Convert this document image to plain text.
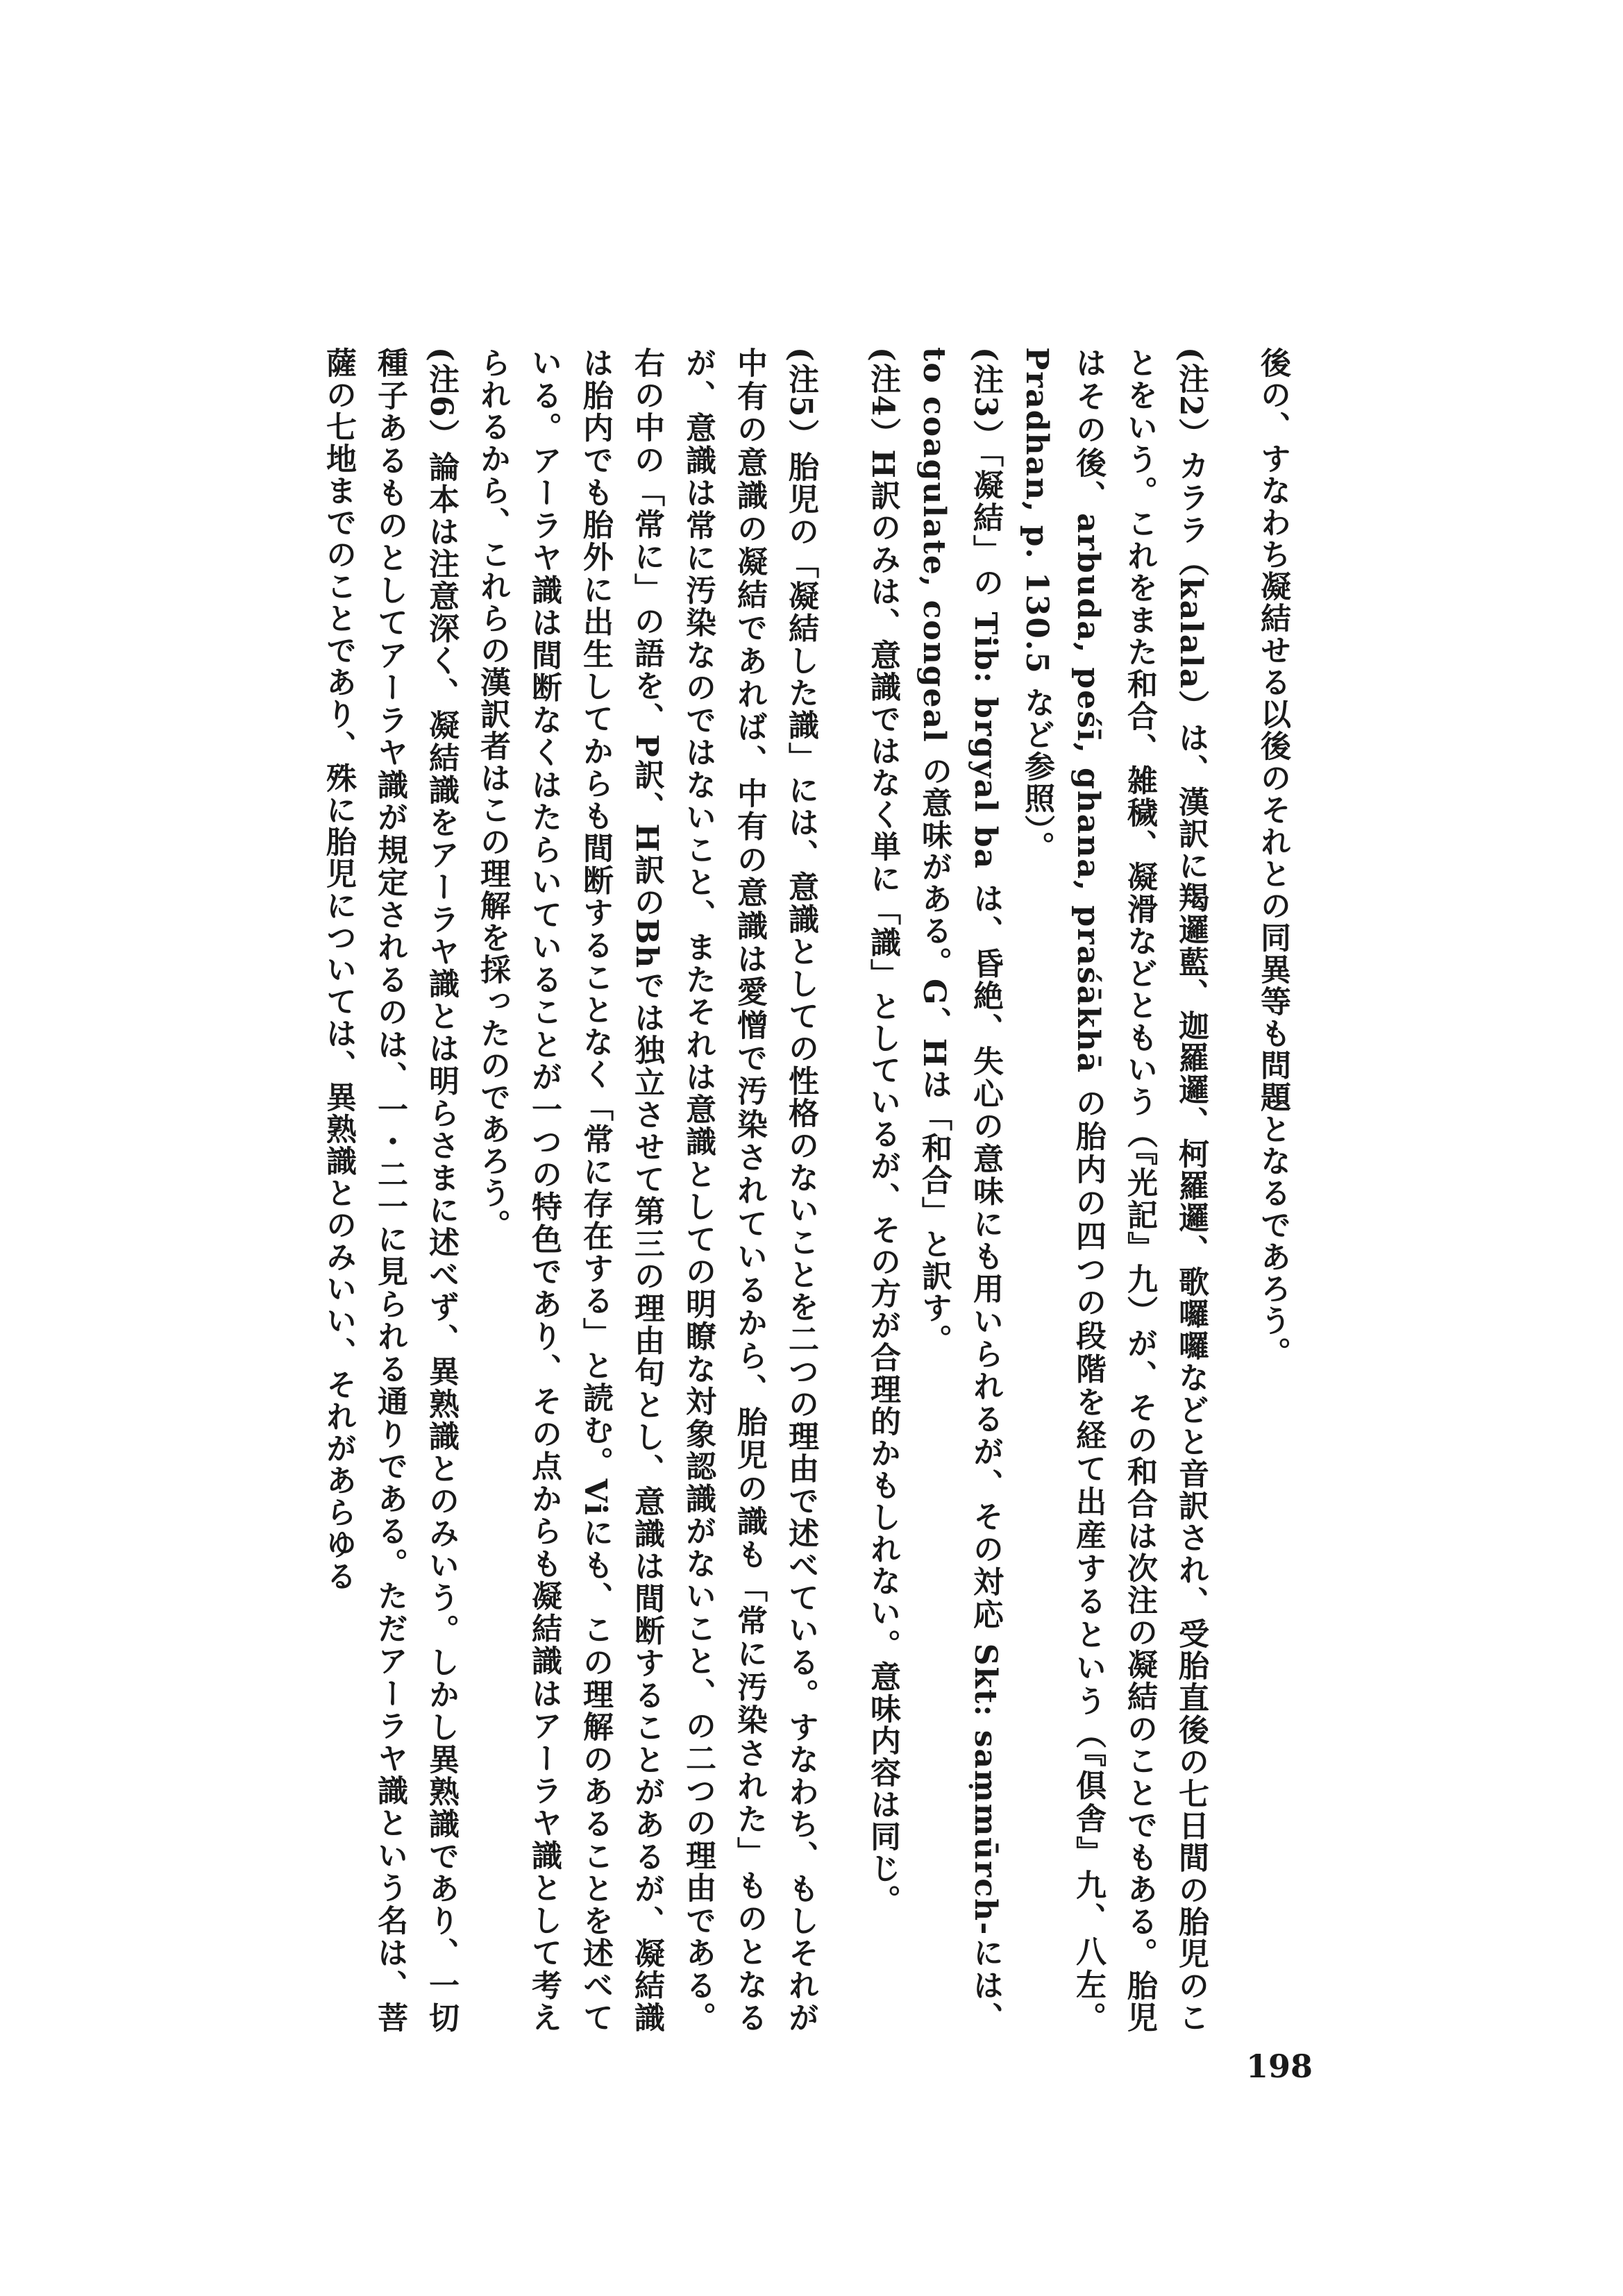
後の、すなわち凝結せる以後のそれとの同異等も問題となるであろう。

(注2）カララ（kalala）は、漢訳に羯邏藍、迦羅邏、柯羅邏、歌囉囉などと音訳され、受胎直後の七日間の胎児のことをいう。これをまた和合、雑穢、凝滑などともいう（『光記』九）が、その和合は次注の凝結のことでもある。胎児はその後、arbuda, peśī, ghana, praśākhā の胎内の四つの段階を経て出産するという（『倶舎』九、八左。Pradhan, p. 130.5 など参照）。

(注3）「凝結」の Tib: brgyal ba は、昏絶、失心の意味にも用いられるが、その対応 Skt: saṃmūrch-には、to coagulate, congeal の意味がある。G、Hは「和合」と訳す。

(注4）H訳のみは、意識ではなく単に「識」としているが、その方が合理的かもしれない。意味内容は同じ。

(注5）胎児の「凝結した識」には、意識としての性格のないことを二つの理由で述べている。すなわち、もしそれが中有の意識の凝結であれば、中有の意識は愛憎で汚染されているから、胎児の識も「常に汚染された」ものとなるが、意識は常に汚染なのではないこと、またそれは意識としての明瞭な対象認識がないこと、の二つの理由である。右の中の「常に」の語を、P訳、H訳のBhでは独立させて第三の理由句とし、意識は間断することがあるが、凝結識は胎内でも胎外に出生してからも間断することなく「常に存在する」と読む。Viにも、この理解のあることを述べている。アーラヤ識は間断なくはたらいていることが一つの特色であり、その点からも凝結識はアーラヤ識として考えられるから、これらの漢訳者はこの理解を採ったのであろう。

(注6）論本は注意深く、凝結識をアーラヤ識とは明らさまに述べず、異熟識とのみいう。しかし異熟識であり、一切種子あるものとしてアーラヤ識が規定されるのは、一・二一に見られる通りである。ただアーラヤ識という名は、菩薩の七地までのことであり、殊に胎児については、異熟識とのみいい、それがあらゆる

198
